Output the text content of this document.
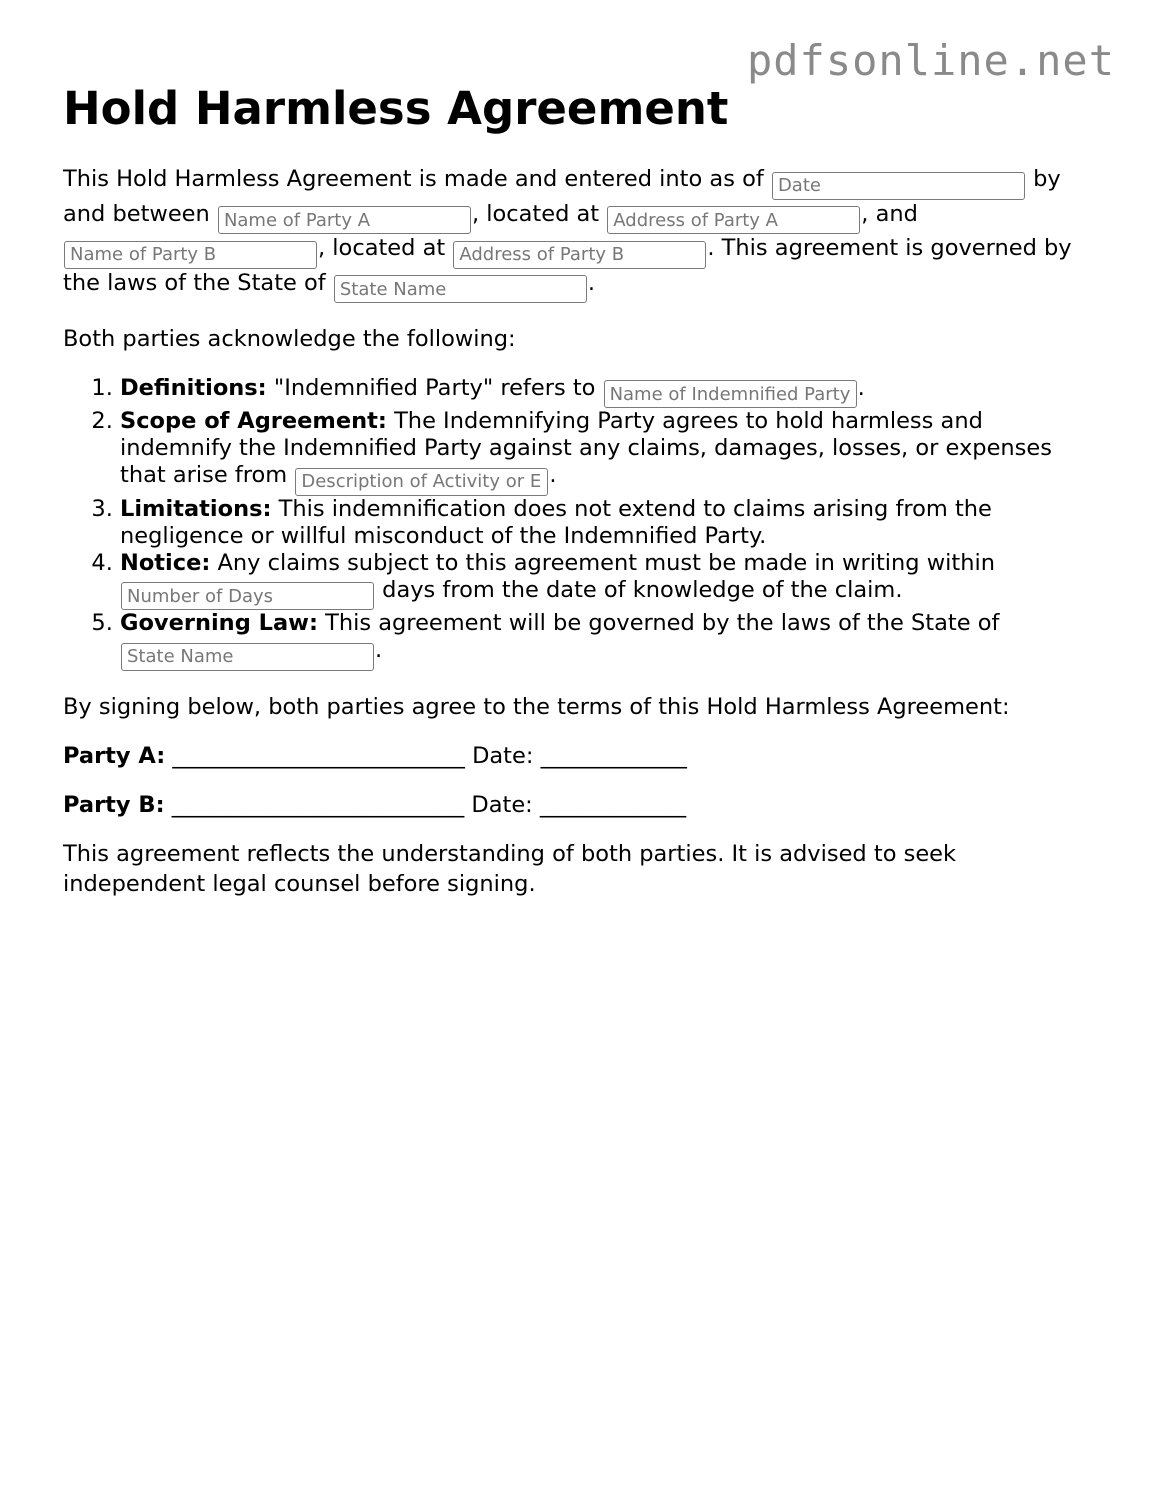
pdfsonline.net
Hold Harmless Agreement

This Hold Harmless Agreement is made and entered into as of Date	by and between Name of Party A	, located at Address of Party A	, and Name of Party B, located at Address of Party B	. This agreement is governed by the laws of the State of State Name	.

Both parties acknowledge the following:

1. Definitions: "Indemnified Party" refers to Name of Indemnified Party	.
2. Scope of Agreement: The Indemnifying Party agrees to hold harmless and indemnify the Indemnified Party against any claims, damages, losses, or expenses that arise from Description of Activity or Event	.
3. Limitations: This indemnification does not extend to claims arising from the negligence or willful misconduct of the Indemnified Party.
4. Notice: Any claims subject to this agreement must be made in writing within Number of Days days from the date of knowledge of the claim.
5. Governing Law: This agreement will be governed by the laws of the State of State Name.

By signing below, both parties agree to the terms of this Hold Harmless Agreement:

Party A: __________________________ Date: _____________

Party B: __________________________ Date: _____________

This agreement reflects the understanding of both parties. It is advised to seek independent legal counsel before signing.
